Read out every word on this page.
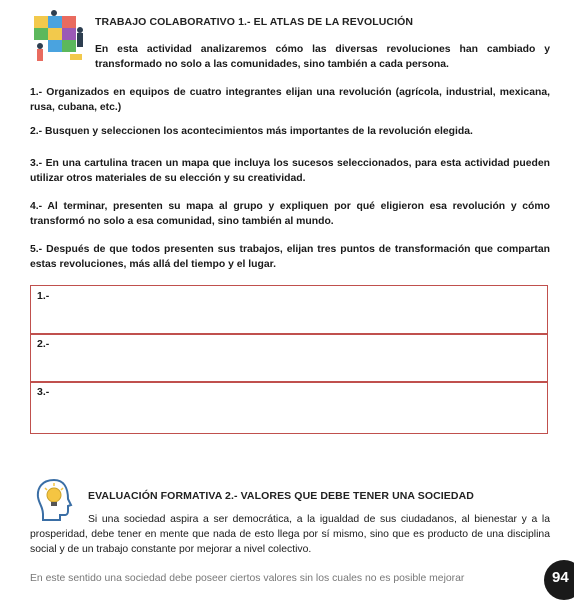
TRABAJO COLABORATIVO 1.- EL ATLAS DE LA REVOLUCIÓN
En esta actividad analizaremos cómo las diversas revoluciones han cambiado y transformado no solo a las comunidades, sino también a cada persona.
1.- Organizados en equipos de cuatro integrantes elijan una revolución (agrícola, industrial, mexicana, rusa, cubana, etc.)
2.- Busquen y seleccionen los acontecimientos más importantes de la revolución elegida.
3.- En una cartulina tracen un mapa que incluya los sucesos seleccionados, para esta actividad pueden utilizar otros materiales de su elección y su creatividad.
4.- Al terminar, presenten su mapa al grupo y expliquen por qué eligieron esa revolución y cómo transformó no solo a esa comunidad, sino también al mundo.
5.- Después de que todos presenten sus trabajos, elijan tres puntos de transformación que compartan estas revoluciones, más allá del tiempo y el lugar.
1.-
2.-
3.-
EVALUACIÓN FORMATIVA 2.- VALORES QUE DEBE TENER UNA SOCIEDAD
Si una sociedad aspira a ser democrática, a la igualdad de sus ciudadanos, al bienestar y a la prosperidad, debe tener en mente que nada de esto llega por sí mismo, sino que es producto de una disciplina social y de un trabajo constante por mejorar a nivel colectivo.
En este sentido una sociedad debe poseer ciertos valores sin los cuales no es posible mejorar	94
